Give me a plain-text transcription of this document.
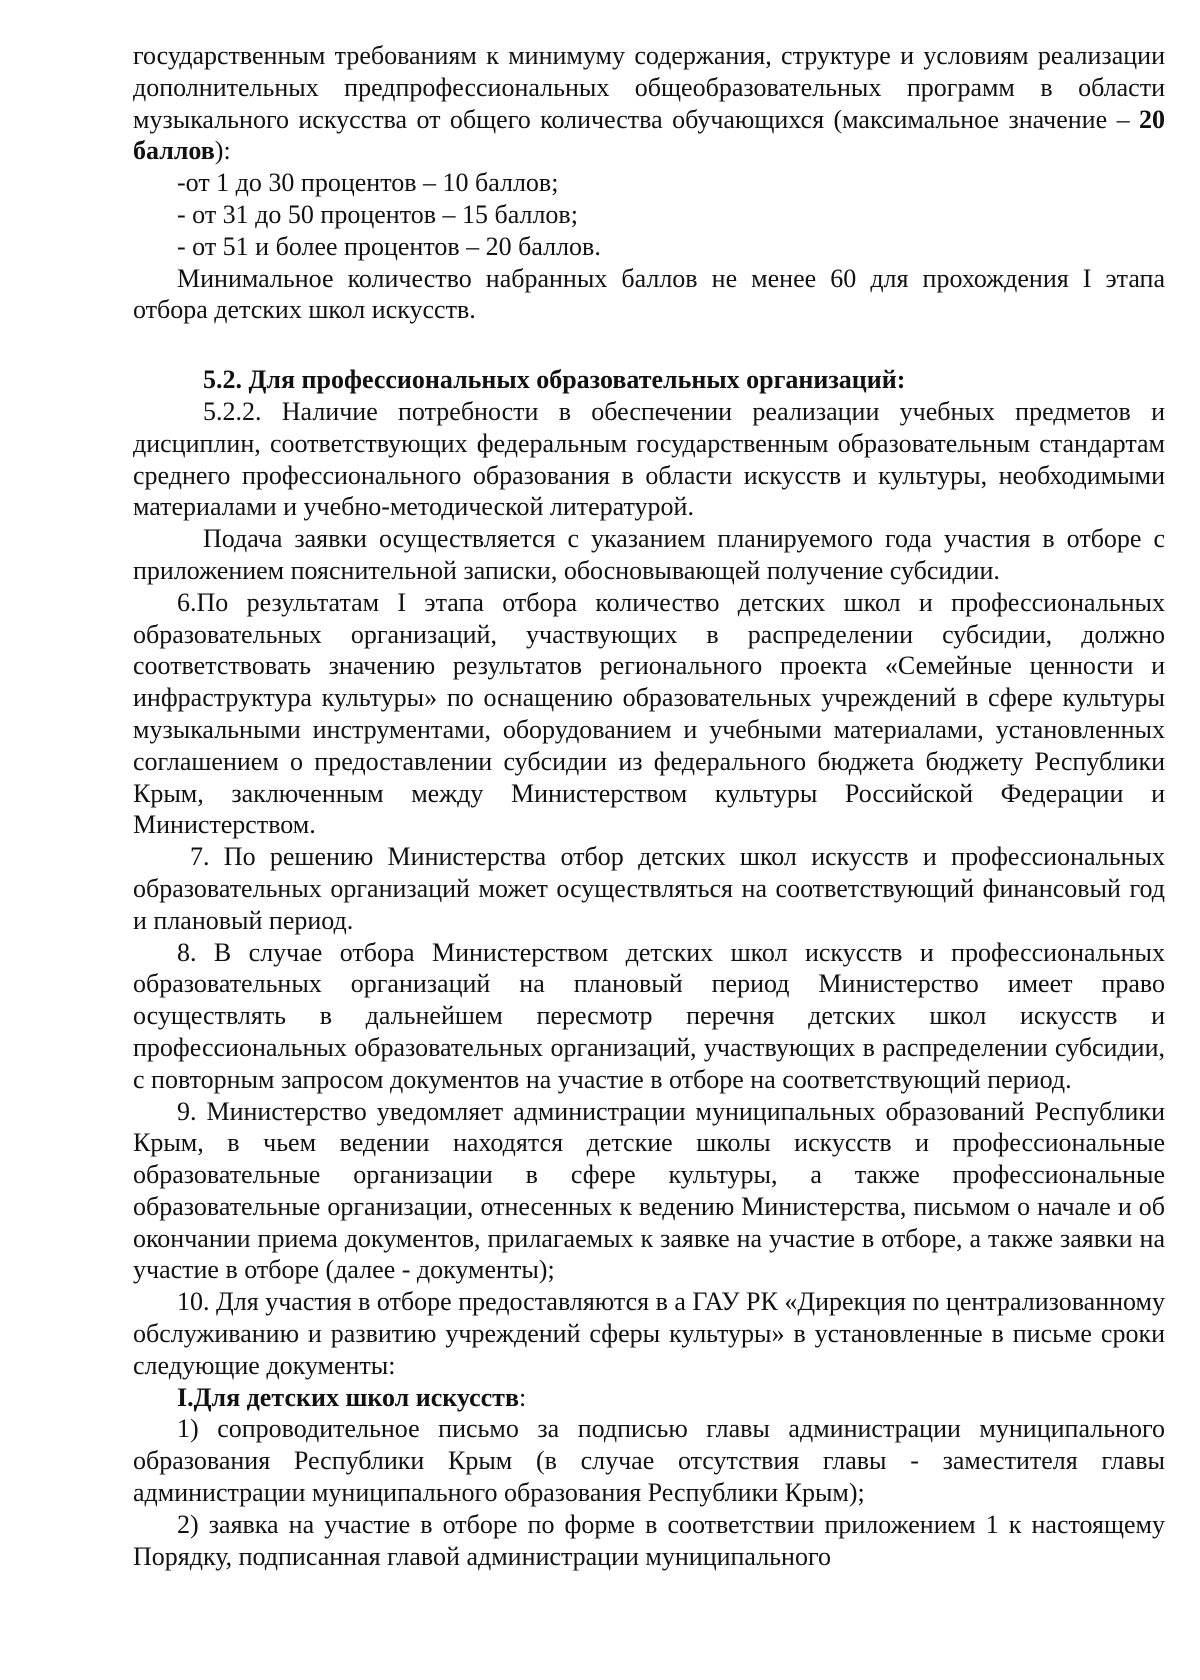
государственным требованиям к минимуму содержания, структуре и условиям реализации дополнительных предпрофессиональных общеобразовательных программ в области музыкального искусства от общего количества обучающихся (максимальное значение – 20 баллов):

-от 1 до 30 процентов – 10 баллов;

- от 31 до 50 процентов – 15 баллов;

- от 51 и более процентов – 20 баллов.

Минимальное количество набранных баллов не менее 60 для прохождения I этапа отбора детских школ искусств.

5.2. Для профессиональных образовательных организаций:

5.2.2. Наличие потребности в обеспечении реализации учебных предметов и дисциплин, соответствующих федеральным государственным образовательным стандартам среднего профессионального образования в области искусств и культуры, необходимыми материалами и учебно-методической литературой.

Подача заявки осуществляется с указанием планируемого года участия в отборе с приложением пояснительной записки, обосновывающей получение субсидии.

6.По результатам I этапа отбора количество детских школ и профессиональных образовательных организаций, участвующих в распределении субсидии, должно соответствовать значению результатов регионального проекта «Семейные ценности и инфраструктура культуры» по оснащению образовательных учреждений в сфере культуры музыкальными инструментами, оборудованием и учебными материалами, установленных соглашением о предоставлении субсидии из федерального бюджета бюджету Республики Крым, заключенным между Министерством культуры Российской Федерации и Министерством.

7. По решению Министерства отбор детских школ искусств и профессиональных образовательных организаций может осуществляться на соответствующий финансовый год и плановый период.

8. В случае отбора Министерством детских школ искусств и профессиональных образовательных организаций на плановый период Министерство имеет право осуществлять в дальнейшем пересмотр перечня детских школ искусств и профессиональных образовательных организаций, участвующих в распределении субсидии, с повторным запросом документов на участие в отборе на соответствующий период.

9. Министерство уведомляет администрации муниципальных образований Республики Крым, в чьем ведении находятся детские школы искусств и профессиональные образовательные организации в сфере культуры, а также профессиональные образовательные организации, отнесенных к ведению Министерства, письмом о начале и об окончании приема документов, прилагаемых к заявке на участие в отборе, а также заявки на участие в отборе (далее - документы);

10. Для участия в отборе предоставляются в а ГАУ РК «Дирекция по централизованному обслуживанию и развитию учреждений сферы культуры» в установленные в письме сроки следующие документы:

I.Для детских школ искусств:

1) сопроводительное письмо за подписью главы администрации муниципального образования Республики Крым (в случае отсутствия главы - заместителя главы администрации муниципального образования Республики Крым);

2) заявка на участие в отборе по форме в соответствии приложением 1 к настоящему Порядку, подписанная главой администрации муниципального
